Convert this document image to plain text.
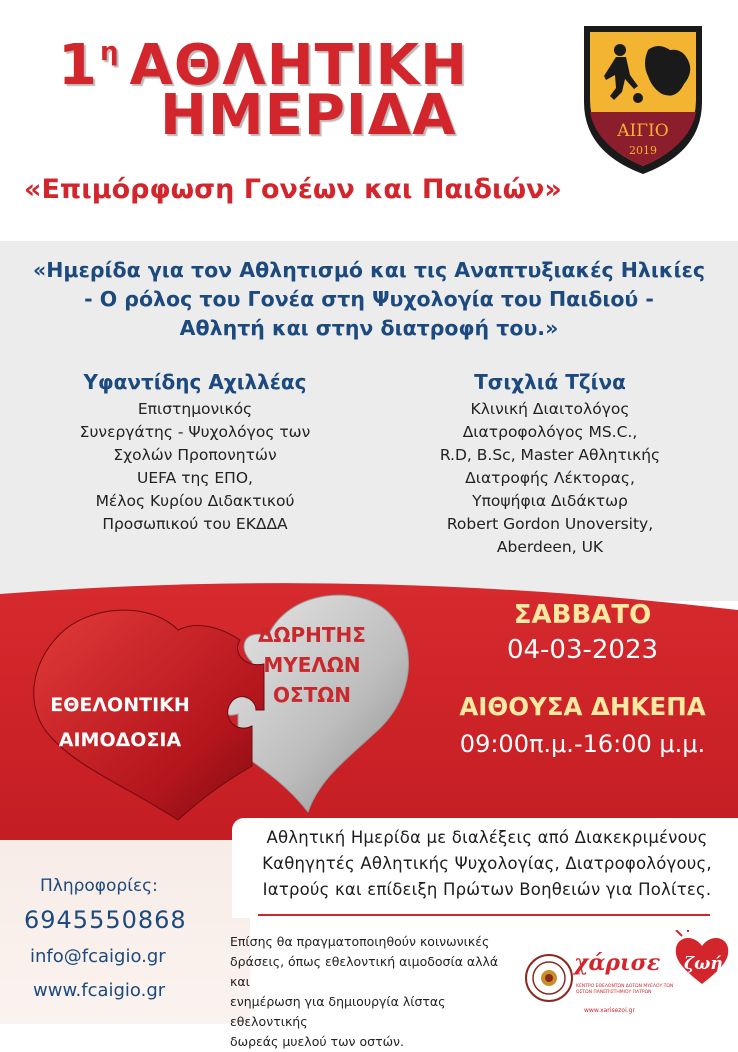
$1^\eta$ ΑΘΛΗΤΙΚΗ
ΗΜΕΡΙΔΑ
«Επιμόρφωση Γονέων και Παιδιών»
ΑΙΓΙΟ
2019
«Ημερίδα για τον Αθλητισμό και τις Αναπτυξιακές Ηλικίες
- Ο ρόλος του Γονέα στη Ψυχολογία του Παιδιού -
Αθλητή και στην διατροφή του.»
Υφαντίδης Αχιλλέας
Επιστημονικός
Συνεργάτης - Ψυχολόγος των
Σχολών Προπονητών
UEFA της ΕΠΟ,
Μέλος Κυρίου Διδακτικού
Προσωπικού του ΕΚΔΔΑ
Τσιχλιά Τζίνα
Κλινική Διαιτολόγος
Διατροφολόγος MS.C.,
R.D, B.Sc, Master Αθλητικής
Διατροφής Λέκτορας,
Υποψήφια Διδάκτωρ
Robert Gordon Unoversity,
Aberdeen, UK
ΕΘΕΛΟΝΤΙΚΗ
ΑΙΜΟΔΟΣΙΑ
ΔΩΡΗΤΗΣ
ΜΥΕΛΩΝ
ΟΣΤΩΝ
ΣΑΒΒΑΤΟ
04-03-2023
ΑΙΘΟΥΣΑ ΔΗΚΕΠΑ
09:00π.μ.-16:00 μ.μ.
Αθλητική Ημερίδα με διαλέξεις από Διακεκριμένους
Καθηγητές Αθλητικής Ψυχολογίας, Διατροφολόγους,
Ιατρούς και επίδειξη Πρώτων Βοηθειών για Πολίτες.
Πληροφορίες:
6945550868
info@fcaigio.gr
www.fcaigio.gr
Επίσης θα πραγματοποιηθούν κοινωνικές
δράσεις, όπως εθελοντική αιμοδοσία αλλά και
ενημέρωση για δημιουργία λίστας εθελοντικής
δωρεάς μυελού των οστών.
χάρισε ζωή
ΚΕΝΤΡΟ ΕΘΕΛΟΝΤΩΝ ΔΟΤΩΝ ΜΥΕΛΟΥ ΤΩΝ ΟΣΤΩΝ ΠΑΝΕΠΙΣΤΗΜΙΟΥ ΠΑΤΡΩΝ
www.xarisezoi.gr
